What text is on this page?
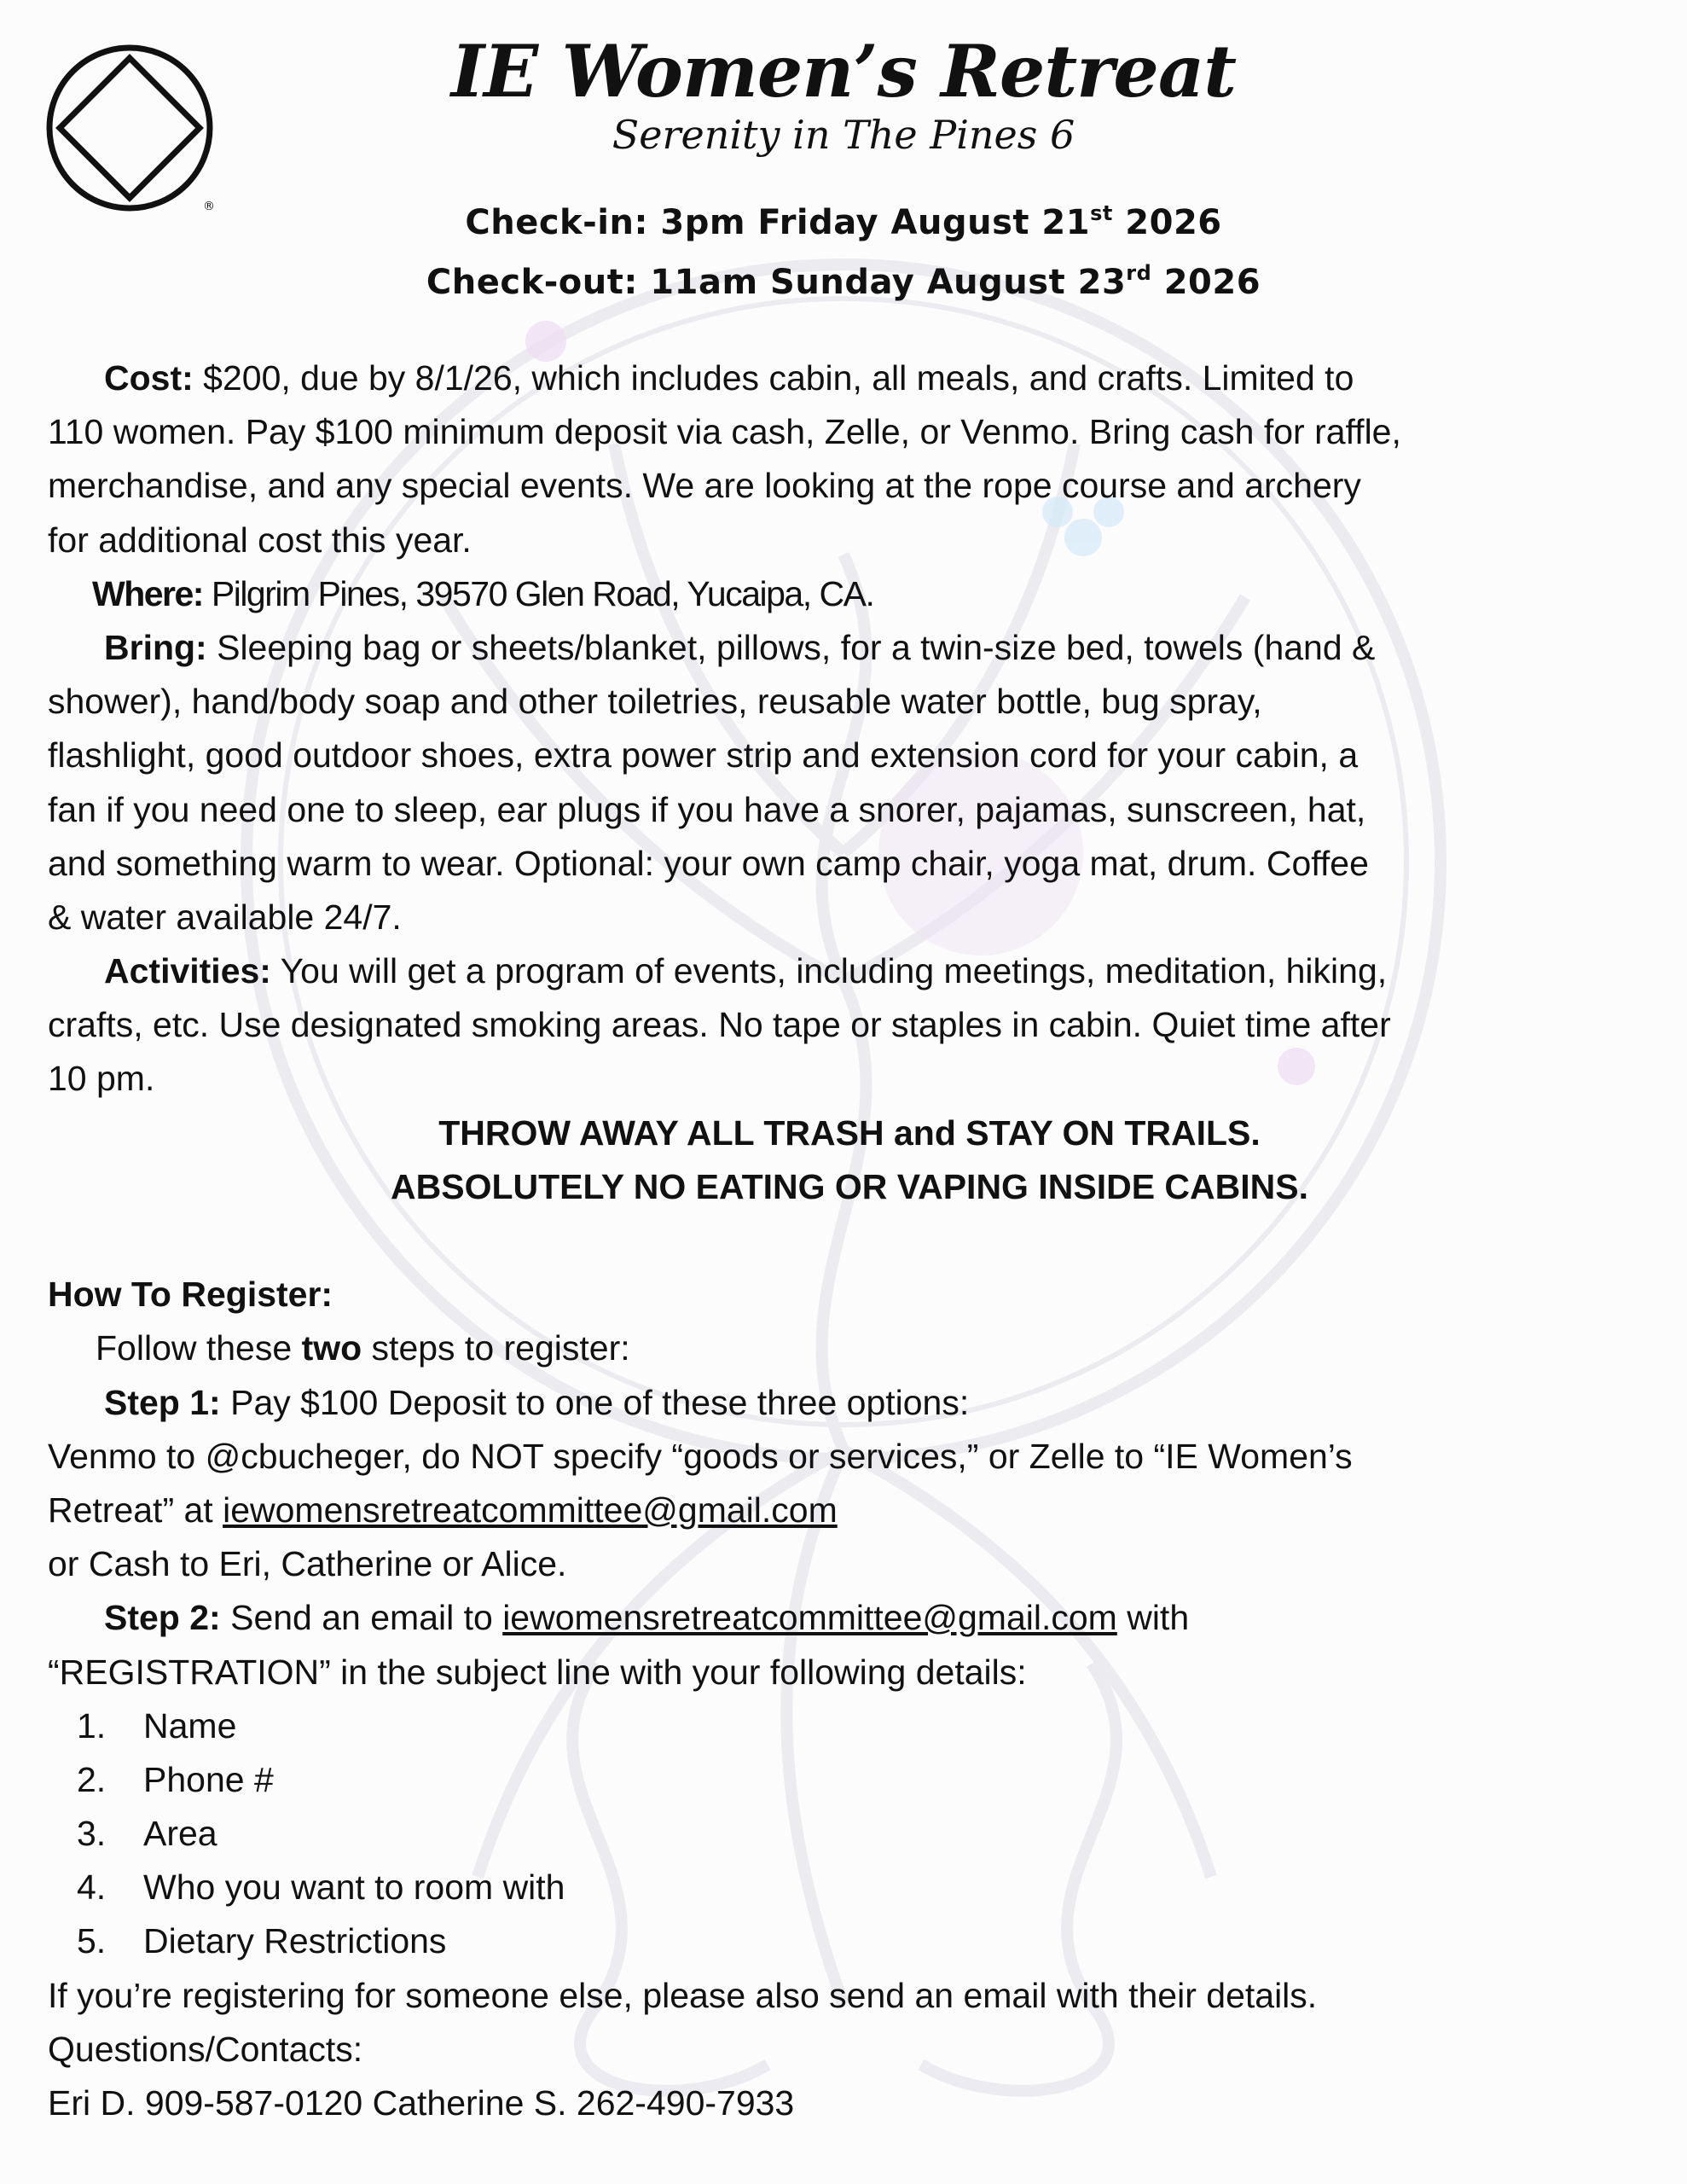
®
IE Women’s Retreat
Serenity in The Pines 6
Check-in: 3pm Friday August 21st 2026
Check-out: 11am Sunday August 23rd 2026
Cost: $200, due by 8/1/26, which includes cabin, all meals, and crafts. Limited to
110 women. Pay $100 minimum deposit via cash, Zelle, or Venmo. Bring cash for raffle,
merchandise, and any special events. We are looking at the rope course and archery
for additional cost this year.
Where: Pilgrim Pines, 39570 Glen Road, Yucaipa, CA.
Bring: Sleeping bag or sheets/blanket, pillows, for a twin-size bed, towels (hand &
shower), hand/body soap and other toiletries, reusable water bottle, bug spray,
flashlight, good outdoor shoes, extra power strip and extension cord for your cabin, a
fan if you need one to sleep, ear plugs if you have a snorer, pajamas, sunscreen, hat,
and something warm to wear. Optional: your own camp chair, yoga mat, drum. Coffee
& water available 24/7.
Activities: You will get a program of events, including meetings, meditation, hiking,
crafts, etc. Use designated smoking areas. No tape or staples in cabin. Quiet time after
10 pm.
THROW AWAY ALL TRASH and STAY ON TRAILS.
ABSOLUTELY NO EATING OR VAPING INSIDE CABINS.
How To Register:
Follow these two steps to register:
Step 1: Pay $100 Deposit to one of these three options:
Venmo to @cbucheger, do NOT specify “goods or services,” or Zelle to “IE Women’s
Retreat” at iewomensretreatcommittee@gmail.com
or Cash to Eri, Catherine or Alice.
Step 2: Send an email to iewomensretreatcommittee@gmail.com with
“REGISTRATION” in the subject line with your following details:
1. Name
2. Phone #
3. Area
4. Who you want to room with
5. Dietary Restrictions
If you’re registering for someone else, please also send an email with their details.
Questions/Contacts:
Eri D. 909-587-0120 Catherine S. 262-490-7933
